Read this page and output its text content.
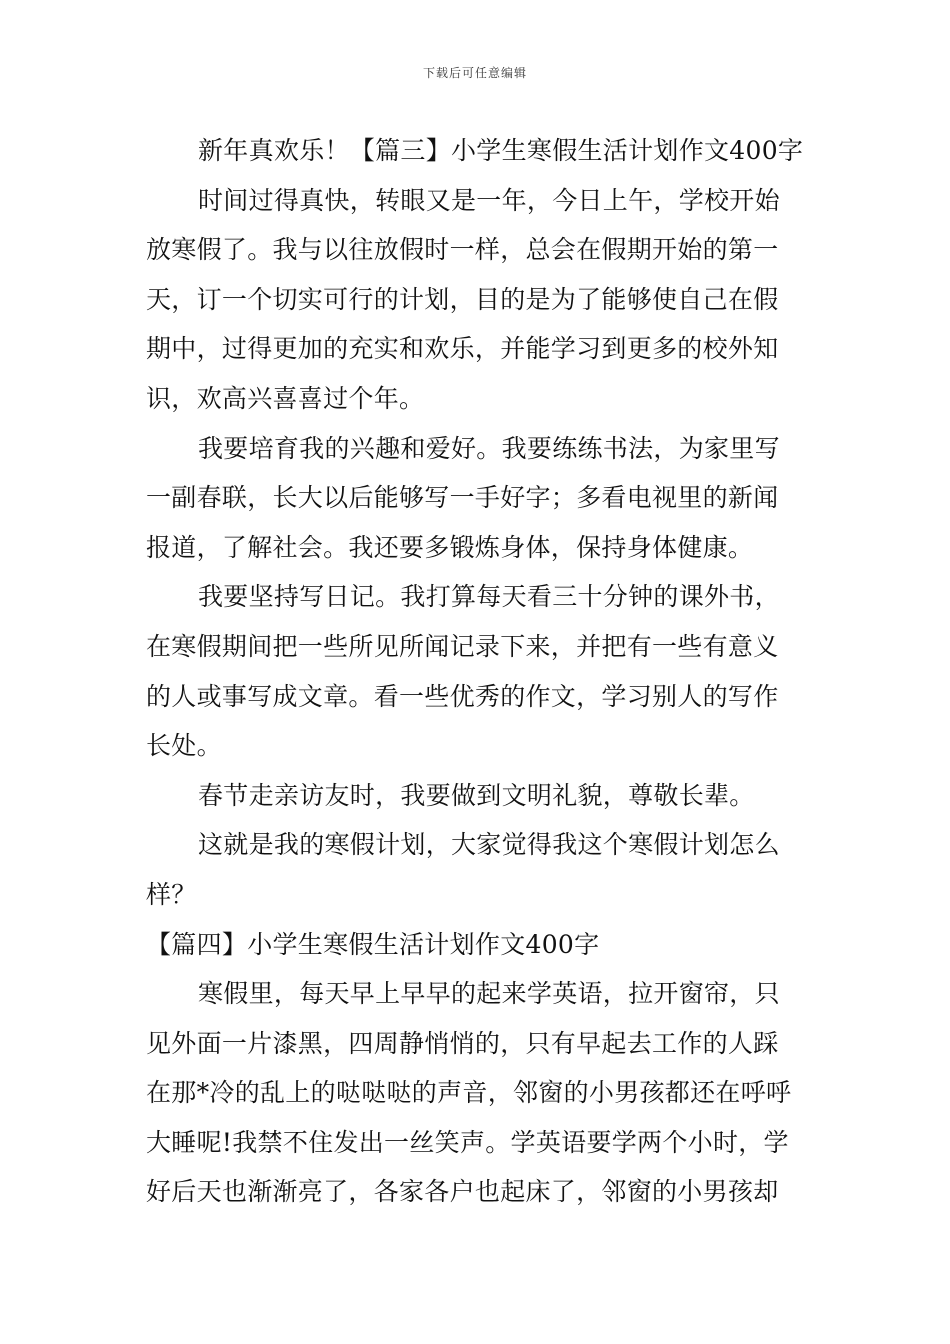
下载后可任意编辑
新年真欢乐！【篇三】小学生寒假生活计划作文400字
时间过得真快，转眼又是一年，今日上午，学校开始
放寒假了。我与以往放假时一样，总会在假期开始的第一
天，订一个切实可行的计划，目的是为了能够使自己在假
期中，过得更加的充实和欢乐，并能学习到更多的校外知
识，欢高兴喜喜过个年。
我要培育我的兴趣和爱好。我要练练书法，为家里写
一副春联，长大以后能够写一手好字；多看电视里的新闻
报道，了解社会。我还要多锻炼身体，保持身体健康。
我要坚持写日记。我打算每天看三十分钟的课外书，
在寒假期间把一些所见所闻记录下来，并把有一些有意义
的人或事写成文章。看一些优秀的作文，学习别人的写作
长处。
春节走亲访友时，我要做到文明礼貌，尊敬长辈。
这就是我的寒假计划，大家觉得我这个寒假计划怎么
样？
【篇四】小学生寒假生活计划作文400字
寒假里，每天早上早早的起来学英语，拉开窗帘，只
见外面一片漆黑，四周静悄悄的，只有早起去工作的人踩
在那*冷的乱上的哒哒哒的声音，邻窗的小男孩都还在呼呼
大睡呢!我禁不住发出一丝笑声。学英语要学两个小时，学
好后天也渐渐亮了，各家各户也起床了，邻窗的小男孩却
